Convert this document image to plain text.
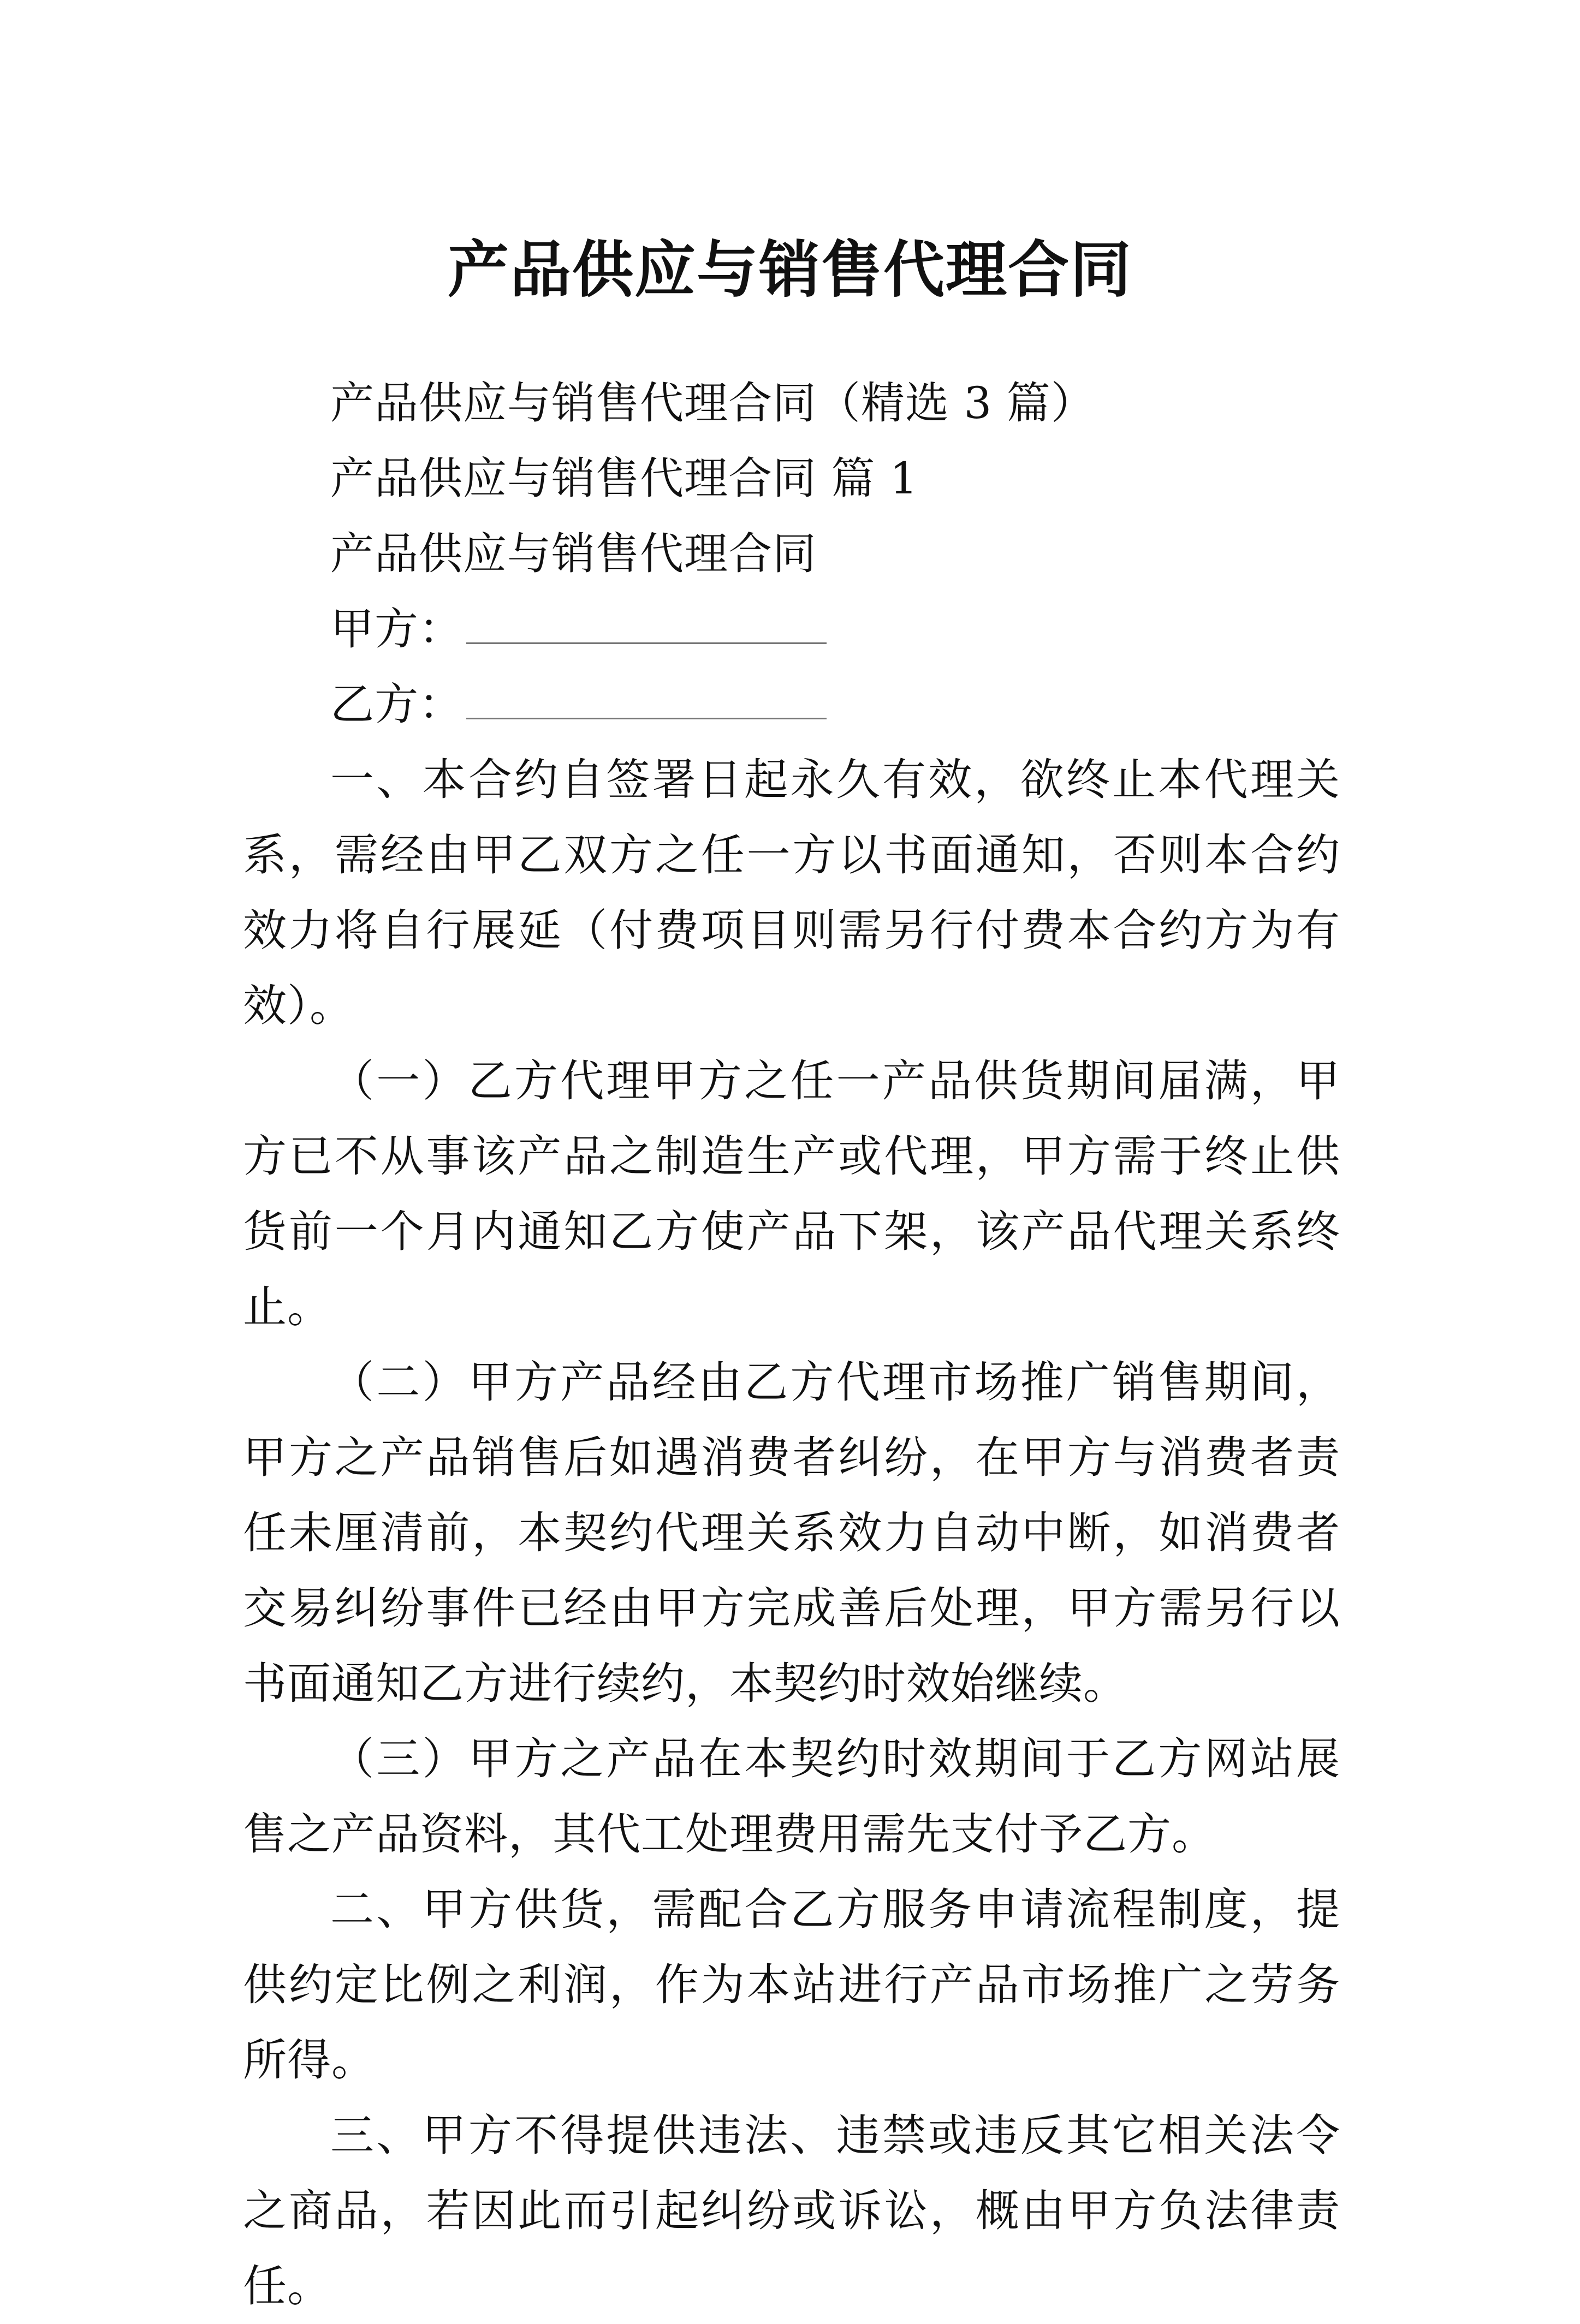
产品供应与销售代理合同

产品供应与销售代理合同（精选 3 篇）

产品供应与销售代理合同 篇 1

产品供应与销售代理合同

甲方：

乙方：

一、本合约自签署日起永久有效，欲终止本代理关系，需经由甲乙双方之任一方以书面通知，否则本合约效力将自行展延（付费项目则需另行付费本合约方为有效）。

（一）乙方代理甲方之任一产品供货期间届满，甲方已不从事该产品之制造生产或代理，甲方需于终止供货前一个月内通知乙方使产品下架，该产品代理关系终止。

（二）甲方产品经由乙方代理市场推广销售期间，甲方之产品销售后如遇消费者纠纷，在甲方与消费者责任未厘清前，本契约代理关系效力自动中断，如消费者交易纠纷事件已经由甲方完成善后处理，甲方需另行以书面通知乙方进行续约，本契约时效始继续。

（三）甲方之产品在本契约时效期间于乙方网站展售之产品资料，其代工处理费用需先支付予乙方。

二、甲方供货，需配合乙方服务申请流程制度，提供约定比例之利润，作为本站进行产品市场推广之劳务所得。

三、甲方不得提供违法、违禁或违反其它相关法令之商品，若因此而引起纠纷或诉讼，概由甲方负法律责任。
